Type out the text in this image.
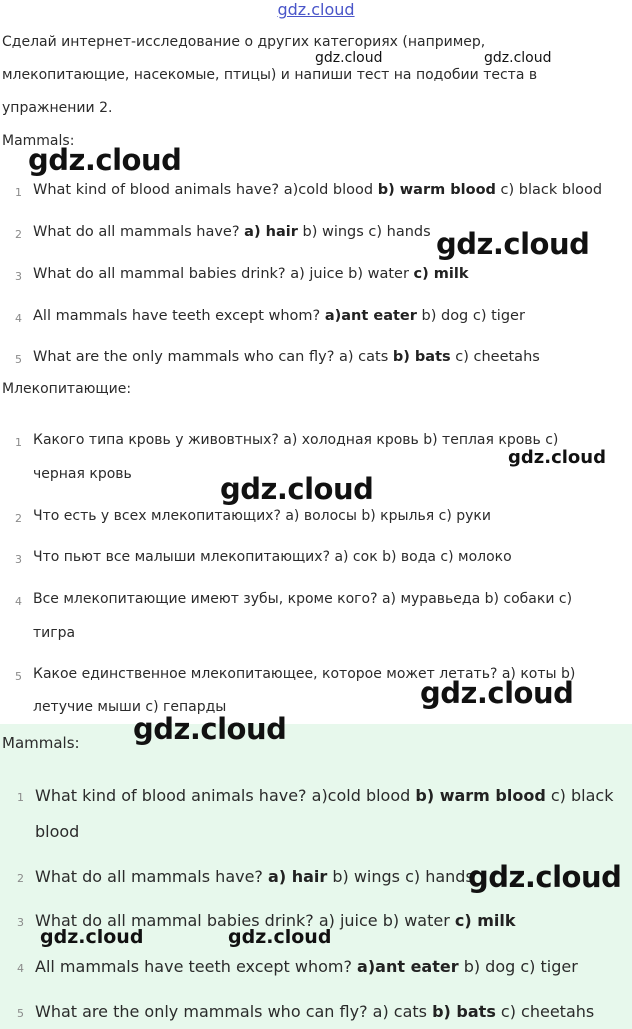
gdz.cloud
Сделай интернет-исследование о других категориях (например,
млекопитающие, насекомые, птицы) и напиши тест на подобии теста в
упражнении 2.
Mammals:
1 What kind of blood animals have? a)cold blood b) warm blood c) black blood
2 What do all mammals have? a) hair b) wings c) hands
3 What do all mammal babies drink? a) juice b) water c) milk
4 All mammals have teeth except whom? a)ant eater b) dog c) tiger
5 What are the only mammals who can fly? a) cats b) bats c) cheetahs
Млекопитающие:
1 Какого типа кровь у живовтных? a) холодная кровь b) теплая кровь c)
черная кровь
2 Что есть у всех млекопитающих? a) волосы b) крылья c) руки
3 Что пьют все малыши млекопитающих? a) сок b) вода c) молоко
4 Все млекопитающие имеют зубы, кроме кого? a) муравьеда b) собаки c)
тигра
5 Какое единственное млекопитающее, которое может летать? a) коты b)
летучие мыши c) гепарды
Mammals:
1 What kind of blood animals have? a)cold blood b) warm blood c) black
blood
2 What do all mammals have? a) hair b) wings c) hands
3 What do all mammal babies drink? a) juice b) water c) milk
4 All mammals have teeth except whom? a)ant eater b) dog c) tiger
5 What are the only mammals who can fly? a) cats b) bats c) cheetahs
gdz.cloud	gdz.cloud
gdz.cloud
gdz.cloud
gdz.cloud
gdz.cloud
gdz.cloud
gdz.cloud
gdz.cloud
gdz.cloud	gdz.cloud
